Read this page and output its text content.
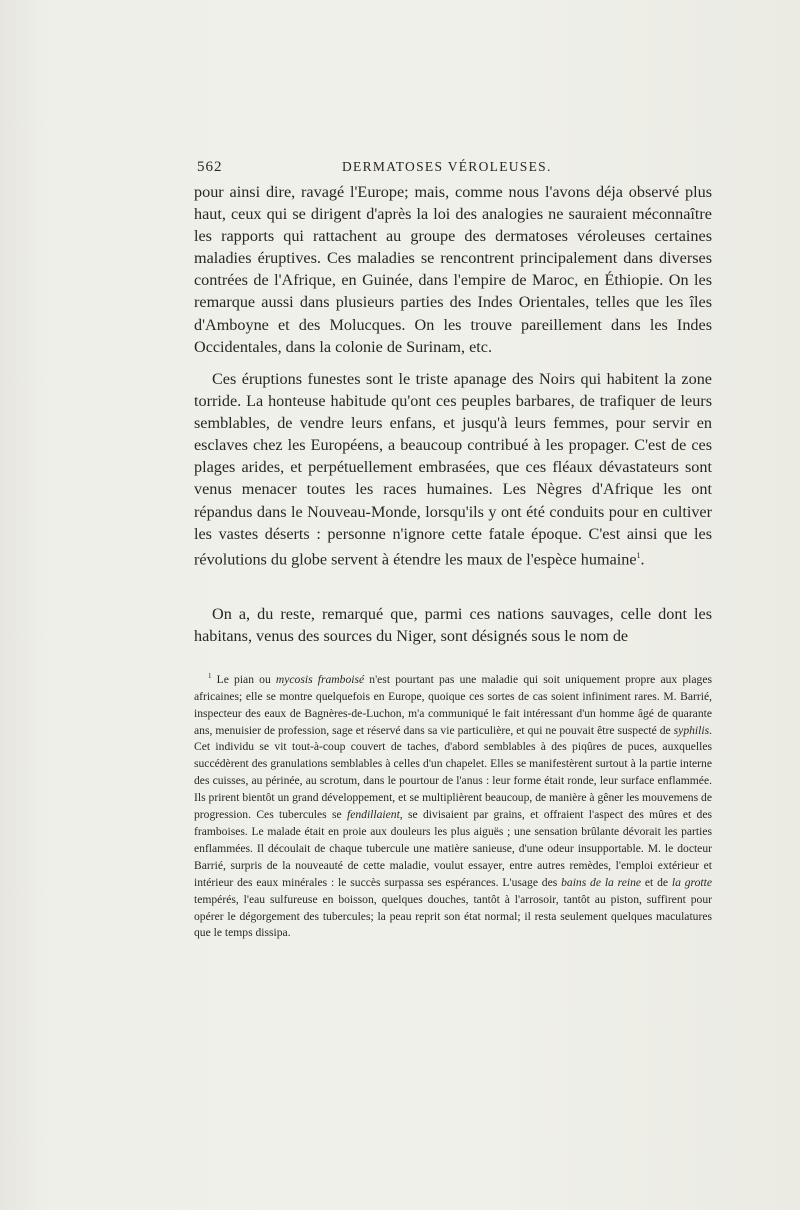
562	DERMATOSES VÉROLEUSES.

pour ainsi dire, ravagé l'Europe; mais, comme nous l'avons déja observé plus haut, ceux qui se dirigent d'après la loi des analogies ne sauraient méconnaître les rapports qui rattachent au groupe des dermatoses véroleuses certaines maladies éruptives. Ces maladies se rencontrent principalement dans diverses contrées de l'Afrique, en Guinée, dans l'empire de Maroc, en Éthiopie. On les remarque aussi dans plusieurs parties des Indes Orientales, telles que les îles d'Amboyne et des Molucques. On les trouve pareillement dans les Indes Occidentales, dans la colonie de Surinam, etc.

Ces éruptions funestes sont le triste apanage des Noirs qui habitent la zone torride. La honteuse habitude qu'ont ces peuples barbares, de trafiquer de leurs semblables, de vendre leurs enfans, et jusqu'à leurs femmes, pour servir en esclaves chez les Européens, a beaucoup contribué à les propager. C'est de ces plages arides, et perpétuellement embrasées, que ces fléaux dévastateurs sont venus menacer toutes les races humaines. Les Nègres d'Afrique les ont répandus dans le Nouveau-Monde, lorsqu'ils y ont été conduits pour en cultiver les vastes déserts : personne n'ignore cette fatale époque. C'est ainsi que les révolutions du globe servent à étendre les maux de l'espèce humaine$^1$.

On a, du reste, remarqué que, parmi ces nations sauvages, celle dont les habitans, venus des sources du Niger, sont désignés sous le nom de

$^1$ Le pian ou mycosis framboisé n'est pourtant pas une maladie qui soit uniquement propre aux plages africaines; elle se montre quelquefois en Europe, quoique ces sortes de cas soient infiniment rares. M. Barrié, inspecteur des eaux de Bagnères-de-Luchon, m'a communiqué le fait intéressant d'un homme âgé de quarante ans, menuisier de profession, sage et réservé dans sa vie particulière, et qui ne pouvait être suspecté de syphilis. Cet individu se vit tout-à-coup couvert de taches, d'abord semblables à des piqûres de puces, auxquelles succédèrent des granulations semblables à celles d'un chapelet. Elles se manifestèrent surtout à la partie interne des cuisses, au périnée, au scrotum, dans le pourtour de l'anus : leur forme était ronde, leur surface enflammée. Ils prirent bientôt un grand développement, et se multiplièrent beaucoup, de manière à gêner les mouvemens de progression. Ces tubercules se fendillaient, se divisaient par grains, et offraient l'aspect des mûres et des framboises. Le malade était en proie aux douleurs les plus aiguës ; une sensation brûlante dévorait les parties enflammées. Il découlait de chaque tubercule une matière sanieuse, d'une odeur insupportable. M. le docteur Barrié, surpris de la nouveauté de cette maladie, voulut essayer, entre autres remèdes, l'emploi extérieur et intérieur des eaux minérales : le succès surpassa ses espérances. L'usage des bains de la reine et de la grotte tempérés, l'eau sulfureuse en boisson, quelques douches, tantôt à l'arrosoir, tantôt au piston, suffirent pour opérer le dégorgement des tubercules; la peau reprit son état normal; il resta seulement quelques maculatures que le temps dissipa.
